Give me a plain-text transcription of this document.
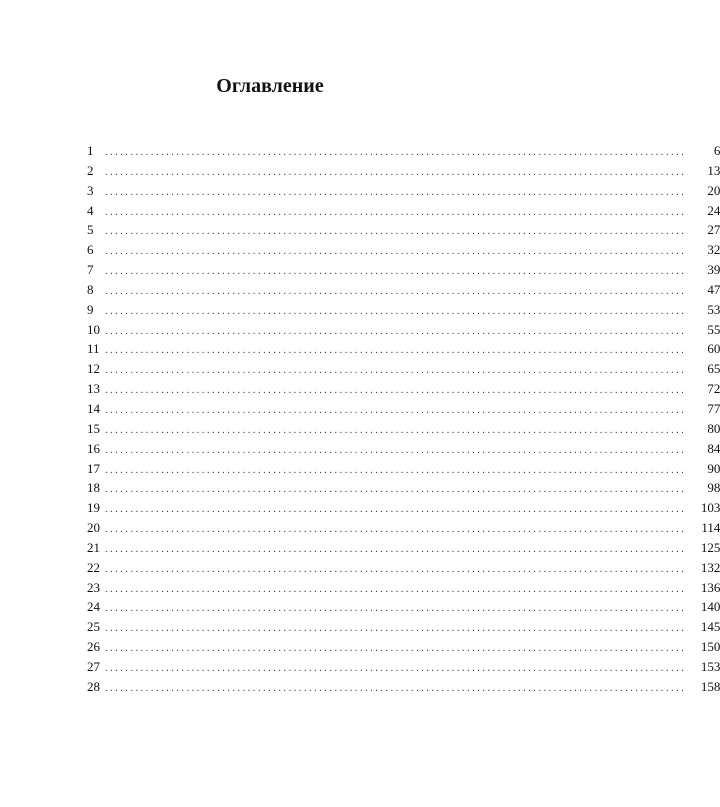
Оглавление
1	..................................................................................................................	6
2	..................................................................................................................	13
3	..................................................................................................................	20
4	..................................................................................................................	24
5	..................................................................................................................	27
6	..................................................................................................................	32
7	..................................................................................................................	39
8	..................................................................................................................	47
9	..................................................................................................................	53
10 ..................................................................................................................	55
11 ..................................................................................................................	60
12 ..................................................................................................................	65
13 ..................................................................................................................	72
14 ..................................................................................................................	77
15 ..................................................................................................................	80
16 ..................................................................................................................	84
17 ..................................................................................................................	90
18 ..................................................................................................................	98
19 ..................................................................................................................	103
20 ..................................................................................................................	114
21 ..................................................................................................................	125
22 ..................................................................................................................	132
23 ..................................................................................................................	136
24 ..................................................................................................................	140
25 ..................................................................................................................	145
26 ..................................................................................................................	150
27 ..................................................................................................................	153
28 ..................................................................................................................	158
